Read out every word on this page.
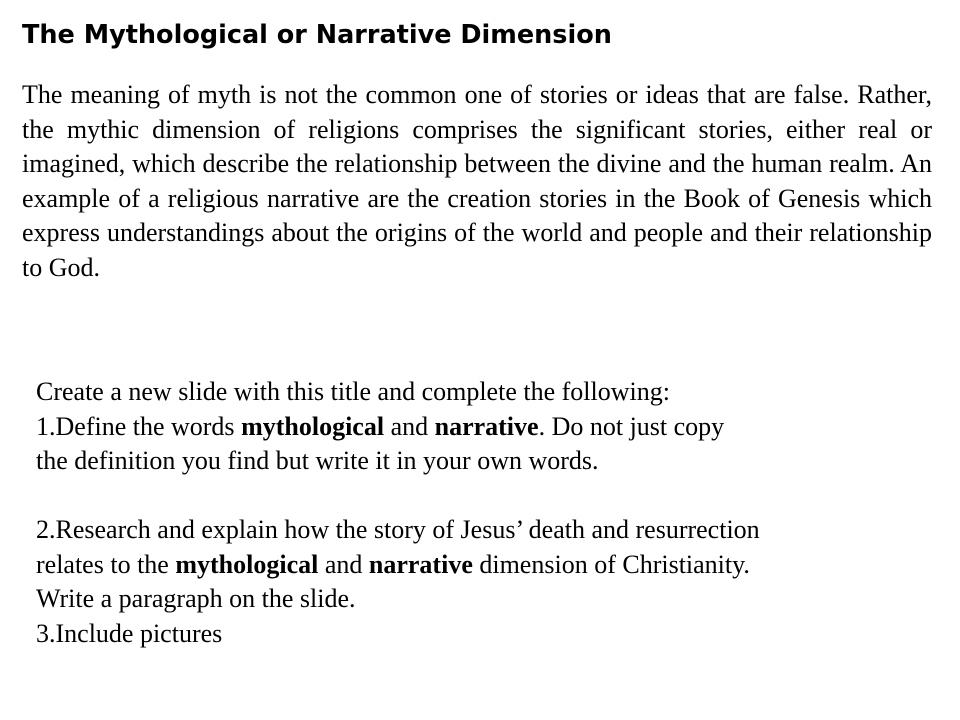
The Mythological or Narrative Dimension
The meaning of myth is not the common one of stories or ideas that are false. Rather, the mythic dimension of religions comprises the significant stories, either real or imagined, which describe the relationship between the divine and the human realm. An example of a religious narrative are the creation stories in the Book of Genesis which express understandings about the origins of the world and people and their relationship to God.
Create a new slide with this title and complete the following:
1.Define the words mythological and narrative. Do not just copy
the definition you find but write it in your own words.
2.Research and explain how the story of Jesus’ death and resurrection
relates to the mythological and narrative dimension of Christianity.
Write a paragraph on the slide.
3.Include pictures
